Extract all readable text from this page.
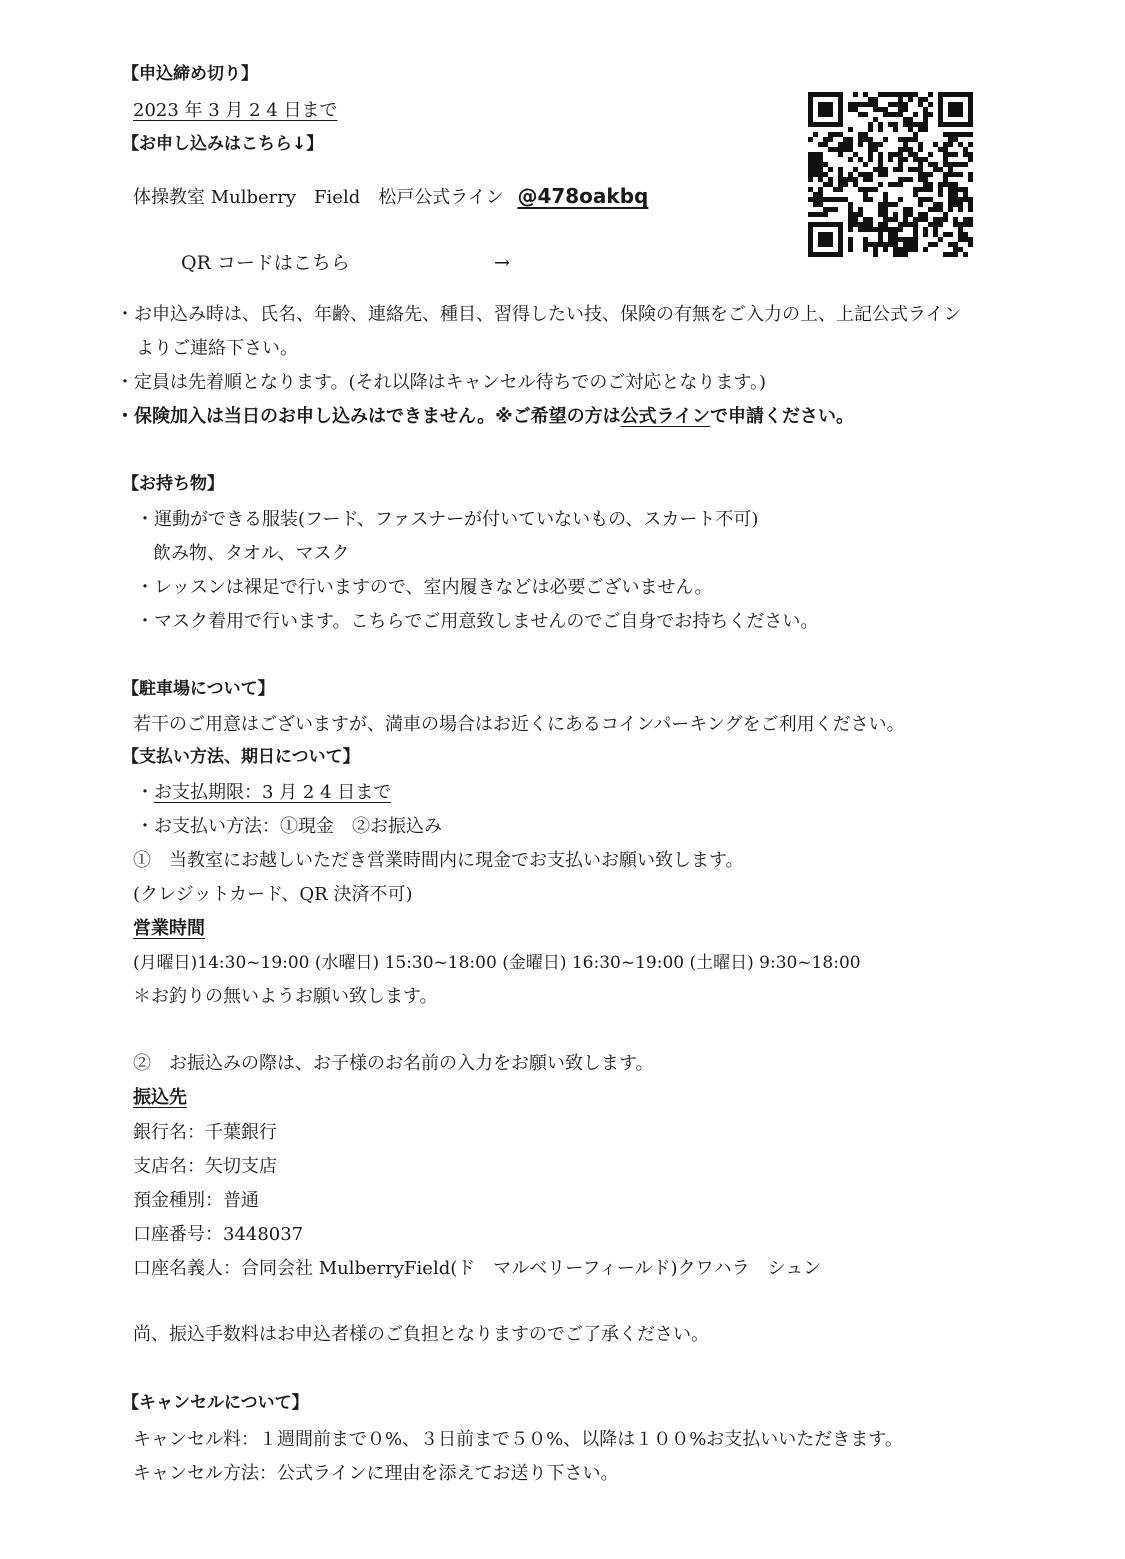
【申込締め切り】
2023 年 3 月 2 4 日まで
【お申し込みはこちら↓】
体操教室 Mulberry　Field　松戸公式ライン @478oakbq
QR コードはこちら	→
・お申込み時は、氏名、年齢、連絡先、種目、習得したい技、保険の有無をご入力の上、上記公式ライン
よりご連絡下さい。
・定員は先着順となります。(それ以降はキャンセル待ちでのご対応となります。)
・保険加入は当日のお申し込みはできません。※ご希望の方は公式ラインで申請ください。
【お持ち物】
・運動ができる服装(フード、ファスナーが付いていないもの、スカート不可)
飲み物、タオル、マスク
・レッスンは裸足で行いますので、室内履きなどは必要ございません。
・マスク着用で行います。こちらでご用意致しませんのでご自身でお持ちください。
【駐車場について】
若干のご用意はございますが、満車の場合はお近くにあるコインパーキングをご利用ください。
【支払い方法、期日について】
・お支払期限：3 月 2 4 日まで
・お支払い方法：①現金　②お振込み
①　当教室にお越しいただき営業時間内に現金でお支払いお願い致します。
(クレジットカード、QR 決済不可)
営業時間
(月曜日)14:30~19:00 (水曜日) 15:30~18:00 (金曜日) 16:30~19:00 (土曜日) 9:30~18:00
＊お釣りの無いようお願い致します。
②　お振込みの際は、お子様のお名前の入力をお願い致します。
振込先
銀行名：千葉銀行
支店名：矢切支店
預金種別：普通
口座番号：3448037
口座名義人：合同会社 MulberryField(ド　マルベリーフィールド)クワハラ　シュン
尚、振込手数料はお申込者様のご負担となりますのでご了承ください。
【キャンセルについて】
キャンセル料：１週間前まで０%、３日前まで５０%、以降は１００%お支払いいただきます。
キャンセル方法：公式ラインに理由を添えてお送り下さい。
